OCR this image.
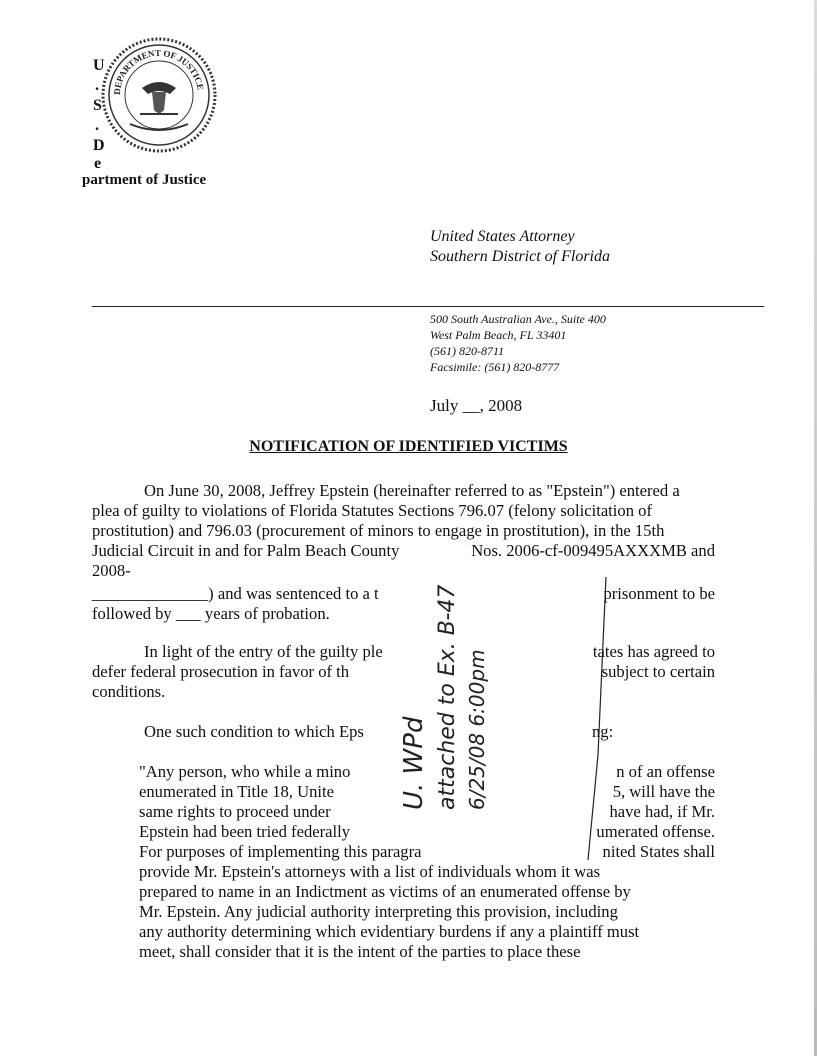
DEPARTMENT OF JUSTICE
U
.
S
.
D
e
partment of Justice
United States Attorney
Southern District of Florida
500 South Australian Ave., Suite 400
West Palm Beach, FL 33401
(561) 820-8711
Facsimile: (561) 820-8777
July __, 2008
NOTIFICATION OF IDENTIFIED VICTIMS
On June 30, 2008, Jeffrey Epstein (hereinafter referred to as "Epstein") entered a
plea of guilty to violations of Florida Statutes Sections 796.07 (felony solicitation of
prostitution) and 796.03 (procurement of minors to engage in prostitution), in the 15th
Judicial Circuit in and for Palm Beach County	Nos. 2006-cf-009495AXXXMB and
2008-
______________) and was sentenced to a t	prisonment to be
followed by ___ years of probation.
In light of the entry of the guilty ple	tates has agreed to
defer federal prosecution in favor of th	subject to certain
conditions.
One such condition to which Eps	ng:
"Any person, who while a mino	n of an offense
enumerated in Title 18, Unite	5, will have the
same rights to proceed under	have had, if Mr.
Epstein had been tried federally	umerated offense.
For purposes of implementing this paragra	nited States shall
provide Mr. Epstein's attorneys with a list of individuals whom it was
prepared to name in an Indictment as victims of an enumerated offense by
Mr. Epstein. Any judicial authority interpreting this provision, including
any authority determining which evidentiary burdens if any a plaintiff must
meet, shall consider that it is the intent of the parties to place these
U. WPd attached to Ex. B-47 6/25/08 6:00pm
